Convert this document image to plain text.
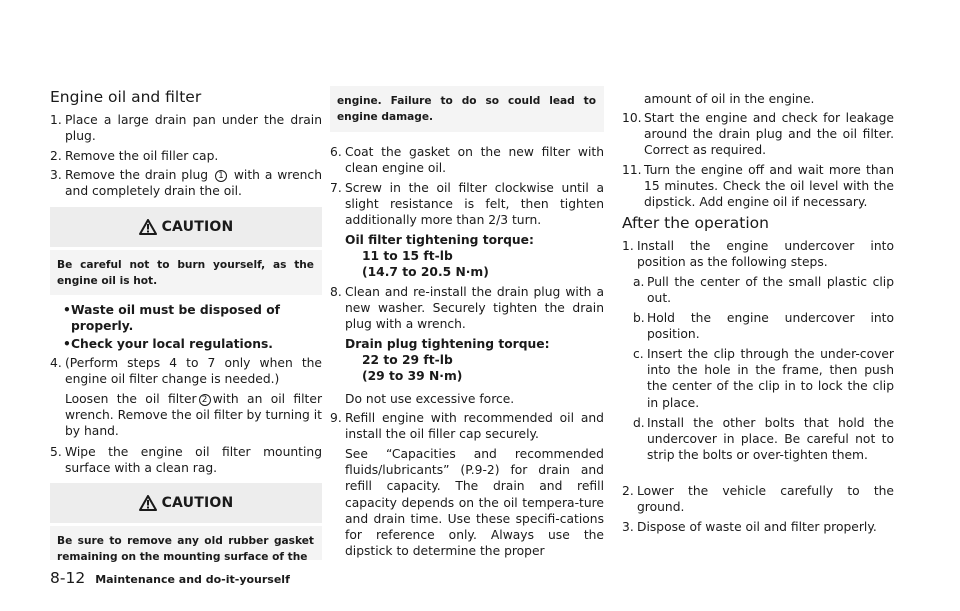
Engine oil and filter
1. Place a large drain pan under the drain plug.
2. Remove the oil filler cap.
3. Remove the drain plug 1 with a wrench and completely drain the oil.
CAUTION
Be careful not to burn yourself, as the engine oil is hot.
• Waste oil must be disposed of properly.
• Check your local regulations.
4. (Perform steps 4 to 7 only when the engine oil filter change is needed.)
Loosen the oil filter 2 with an oil filter wrench. Remove the oil filter by turning it by hand.
5. Wipe the engine oil filter mounting surface with a clean rag.
CAUTION
Be sure to remove any old rubber gasket remaining on the mounting surface of the
engine. Failure to do so could lead to engine damage.
6. Coat the gasket on the new filter with clean engine oil.
7. Screw in the oil filter clockwise until a slight resistance is felt, then tighten additionally more than 2/3 turn.
Oil filter tightening torque:
11 to 15 ft-lb
(14.7 to 20.5 N·m)
8. Clean and re-install the drain plug with a new washer. Securely tighten the drain plug with a wrench.
Drain plug tightening torque:
22 to 29 ft-lb
(29 to 39 N·m)
Do not use excessive force.
9. Refill engine with recommended oil and install the oil filler cap securely.
See “Capacities and recommended fluids/lubricants” (P.9-2) for drain and refill capacity. The drain and refill capacity depends on the oil tempera-ture and drain time. Use these specifi-cations for reference only. Always use the dipstick to determine the proper
amount of oil in the engine.
10. Start the engine and check for leakage around the drain plug and the oil filter. Correct as required.
11. Turn the engine off and wait more than 15 minutes. Check the oil level with the dipstick. Add engine oil if necessary.
After the operation
1. Install the engine undercover into position as the following steps.
a. Pull the center of the small plastic clip out.
b. Hold the engine undercover into position.
c. Insert the clip through the under-cover into the hole in the frame, then push the center of the clip in to lock the clip in place.
d. Install the other bolts that hold the undercover in place. Be careful not to strip the bolts or over-tighten them.
2. Lower the vehicle carefully to the ground.
3. Dispose of waste oil and filter properly.
8-12 Maintenance and do-it-yourself
